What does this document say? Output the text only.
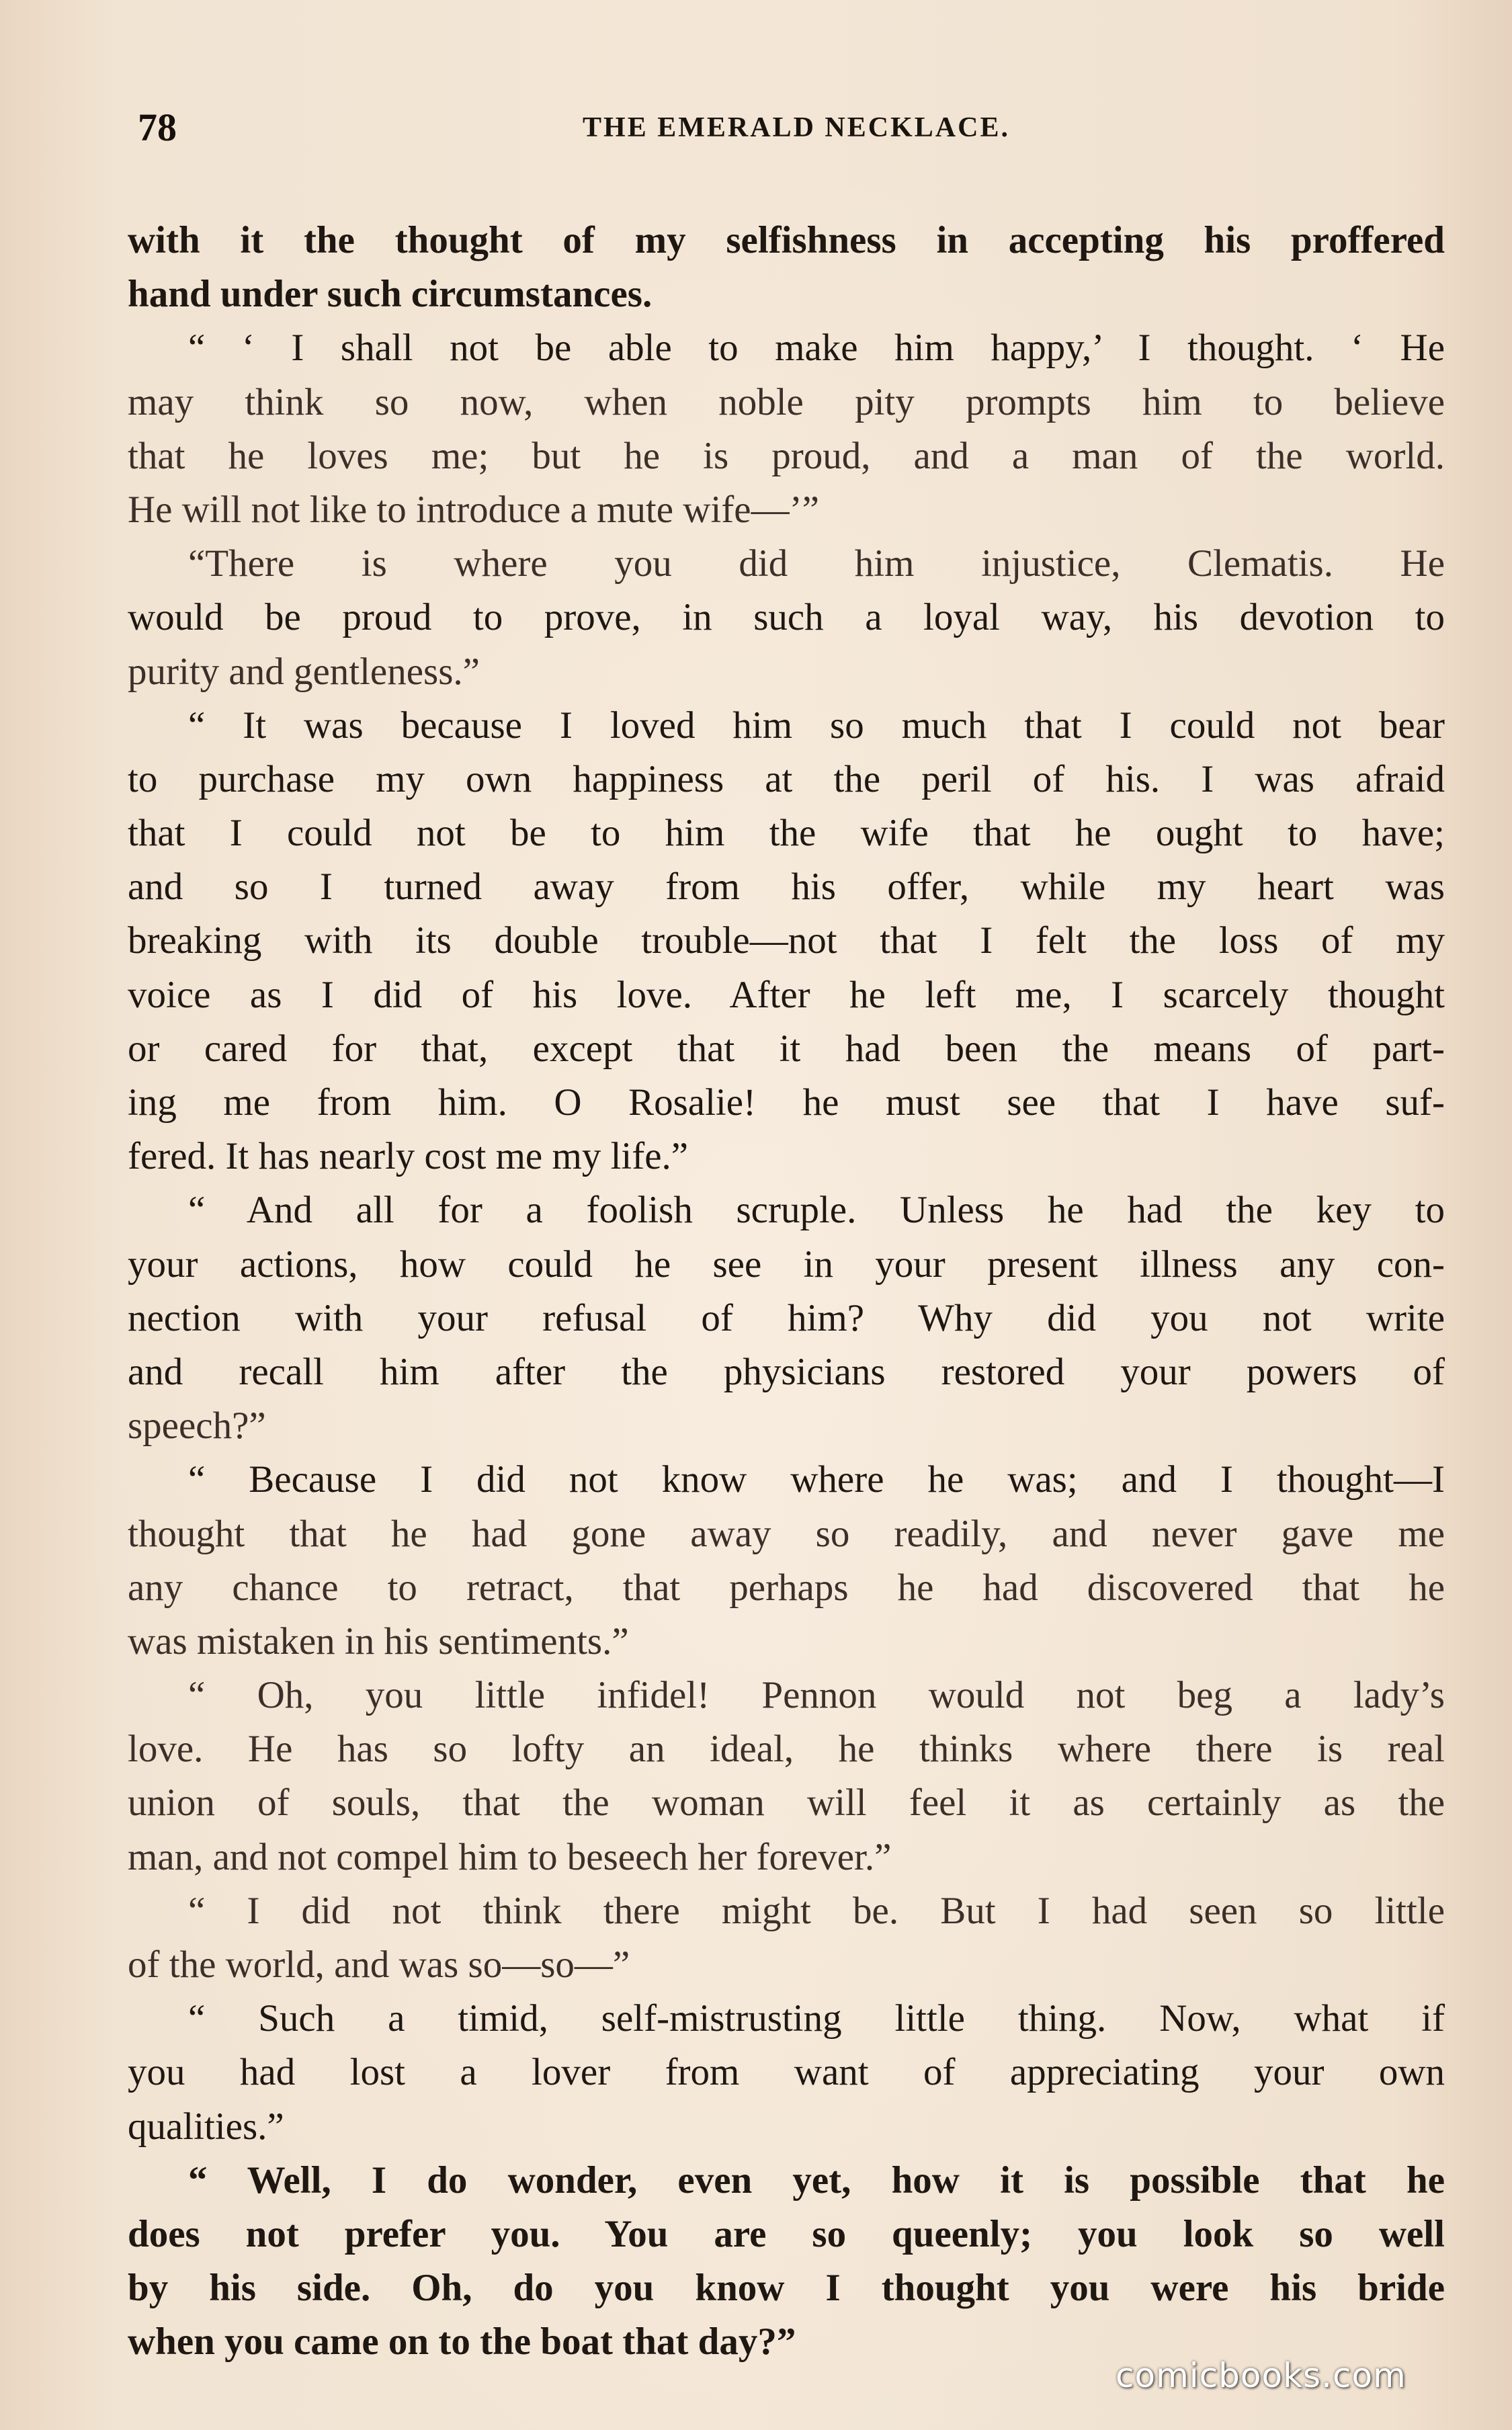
78	THE EMERALD NECKLACE.
with it the thought of my selfishness in accepting his proffered
hand under such circumstances.
“ ‘ I shall not be able to make him happy,’ I thought. ‘ He
may think so now, when noble pity prompts him to believe
that he loves me; but he is proud, and a man of the world.
He will not like to introduce a mute wife—’”
“There is where you did him injustice, Clematis. He
would be proud to prove, in such a loyal way, his devotion to
purity and gentleness.”
“ It was because I loved him so much that I could not bear
to purchase my own happiness at the peril of his. I was afraid
that I could not be to him the wife that he ought to have;
and so I turned away from his offer, while my heart was
breaking with its double trouble—not that I felt the loss of my
voice as I did of his love. After he left me, I scarcely thought
or cared for that, except that it had been the means of part-
ing me from him. O Rosalie! he must see that I have suf-
fered. It has nearly cost me my life.”
“ And all for a foolish scruple. Unless he had the key to
your actions, how could he see in your present illness any con-
nection with your refusal of him? Why did you not write
and recall him after the physicians restored your powers of
speech?”
“ Because I did not know where he was; and I thought—I
thought that he had gone away so readily, and never gave me
any chance to retract, that perhaps he had discovered that he
was mistaken in his sentiments.”
“ Oh, you little infidel! Pennon would not beg a lady’s
love. He has so lofty an ideal, he thinks where there is real
union of souls, that the woman will feel it as certainly as the
man, and not compel him to beseech her forever.”
“ I did not think there might be. But I had seen so little
of the world, and was so—so—”
“ Such a timid, self-mistrusting little thing. Now, what if
you had lost a lover from want of appreciating your own
qualities.”
“ Well, I do wonder, even yet, how it is possible that he
does not prefer you. You are so queenly; you look so well
by his side. Oh, do you know I thought you were his bride
when you came on to the boat that day?”
comicbooks.com
